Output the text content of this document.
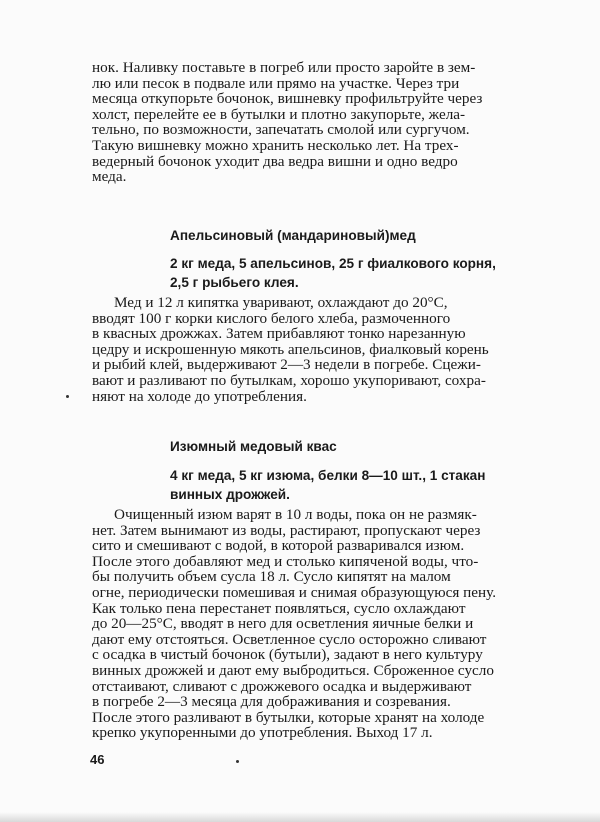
нок. Наливку поставьте в погреб или просто заройте в зем-

лю или песок в подвале или прямо на участке. Через три

месяца откупорьте бочонок, вишневку профильтруйте через

холст, перелейте ее в бутылки и плотно закупорьте, жела-

тельно, по возможности, запечатать смолой или сургучом.

Такую вишневку можно хранить несколько лет. На трех-

ведерный бочонок уходит два ведра вишни и одно ведро

меда.

Апельсиновый (мандариновый)мед
2 кг меда, 5 апельсинов, 25 г фиалкового корня,
2,5 г рыбьего клея.

Мед и 12 л кипятка уваривают, охлаждают до 20°С,

вводят 100 г корки кислого белого хлеба, размоченного

в квасных дрожжах. Затем прибавляют тонко нарезанную

цедру и искрошенную мякоть апельсинов, фиалковый корень

и рыбий клей, выдерживают 2—3 недели в погребе. Сцежи-

вают и разливают по бутылкам, хорошо укупоривают, сохра-

няют на холоде до употребления.

Изюмный медовый квас
4 кг меда, 5 кг изюма, белки 8—10 шт., 1 стакан
винных дрожжей.

Очищенный изюм варят в 10 л воды, пока он не размяк-

нет. Затем вынимают из воды, растирают, пропускают через

сито и смешивают с водой, в которой разваривался изюм.

После этого добавляют мед и столько кипяченой воды, что-

бы получить объем сусла 18 л. Сусло кипятят на малом

огне, периодически помешивая и снимая образующуюся пену.

Как только пена перестанет появляться, сусло охлаждают

до 20—25°С, вводят в него для осветления яичные белки и

дают ему отстояться. Осветленное сусло осторожно сливают

с осадка в чистый бочонок (бутыли), задают в него культуру

винных дрожжей и дают ему выбродиться. Сброженное сусло

отстаивают, сливают с дрожжевого осадка и выдерживают

в погребе 2—3 месяца для дображивания и созревания.

После этого разливают в бутылки, которые хранят на холоде

крепко укупоренными до употребления. Выход 17 л.

46
